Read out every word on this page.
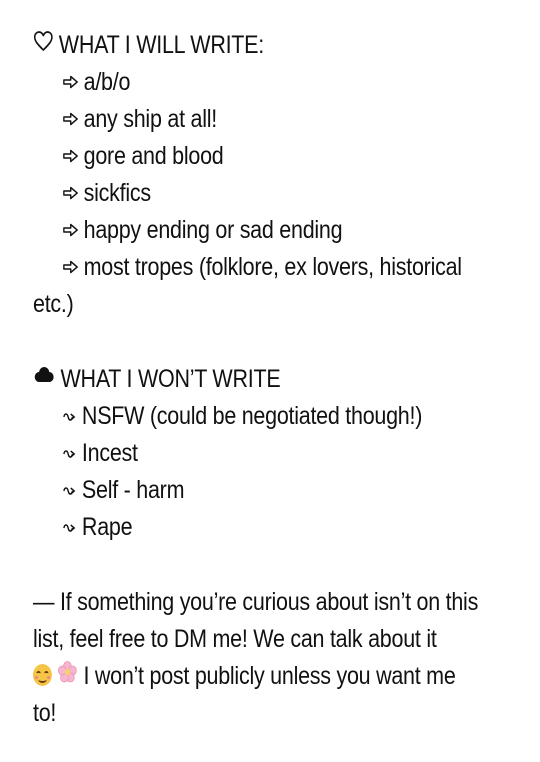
WHAT I WILL WRITE:
a/b/o
any ship at all!
gore and blood
sickfics
happy ending or sad ending
most tropes (folklore, ex lovers, historical
etc.)
WHAT I WON’T WRITE
NSFW (could be negotiated though!)
Incest
Self - harm
Rape
— If something you’re curious about isn’t on this
list, feel free to DM me! We can talk about it
I won’t post publicly unless you want me
to!
